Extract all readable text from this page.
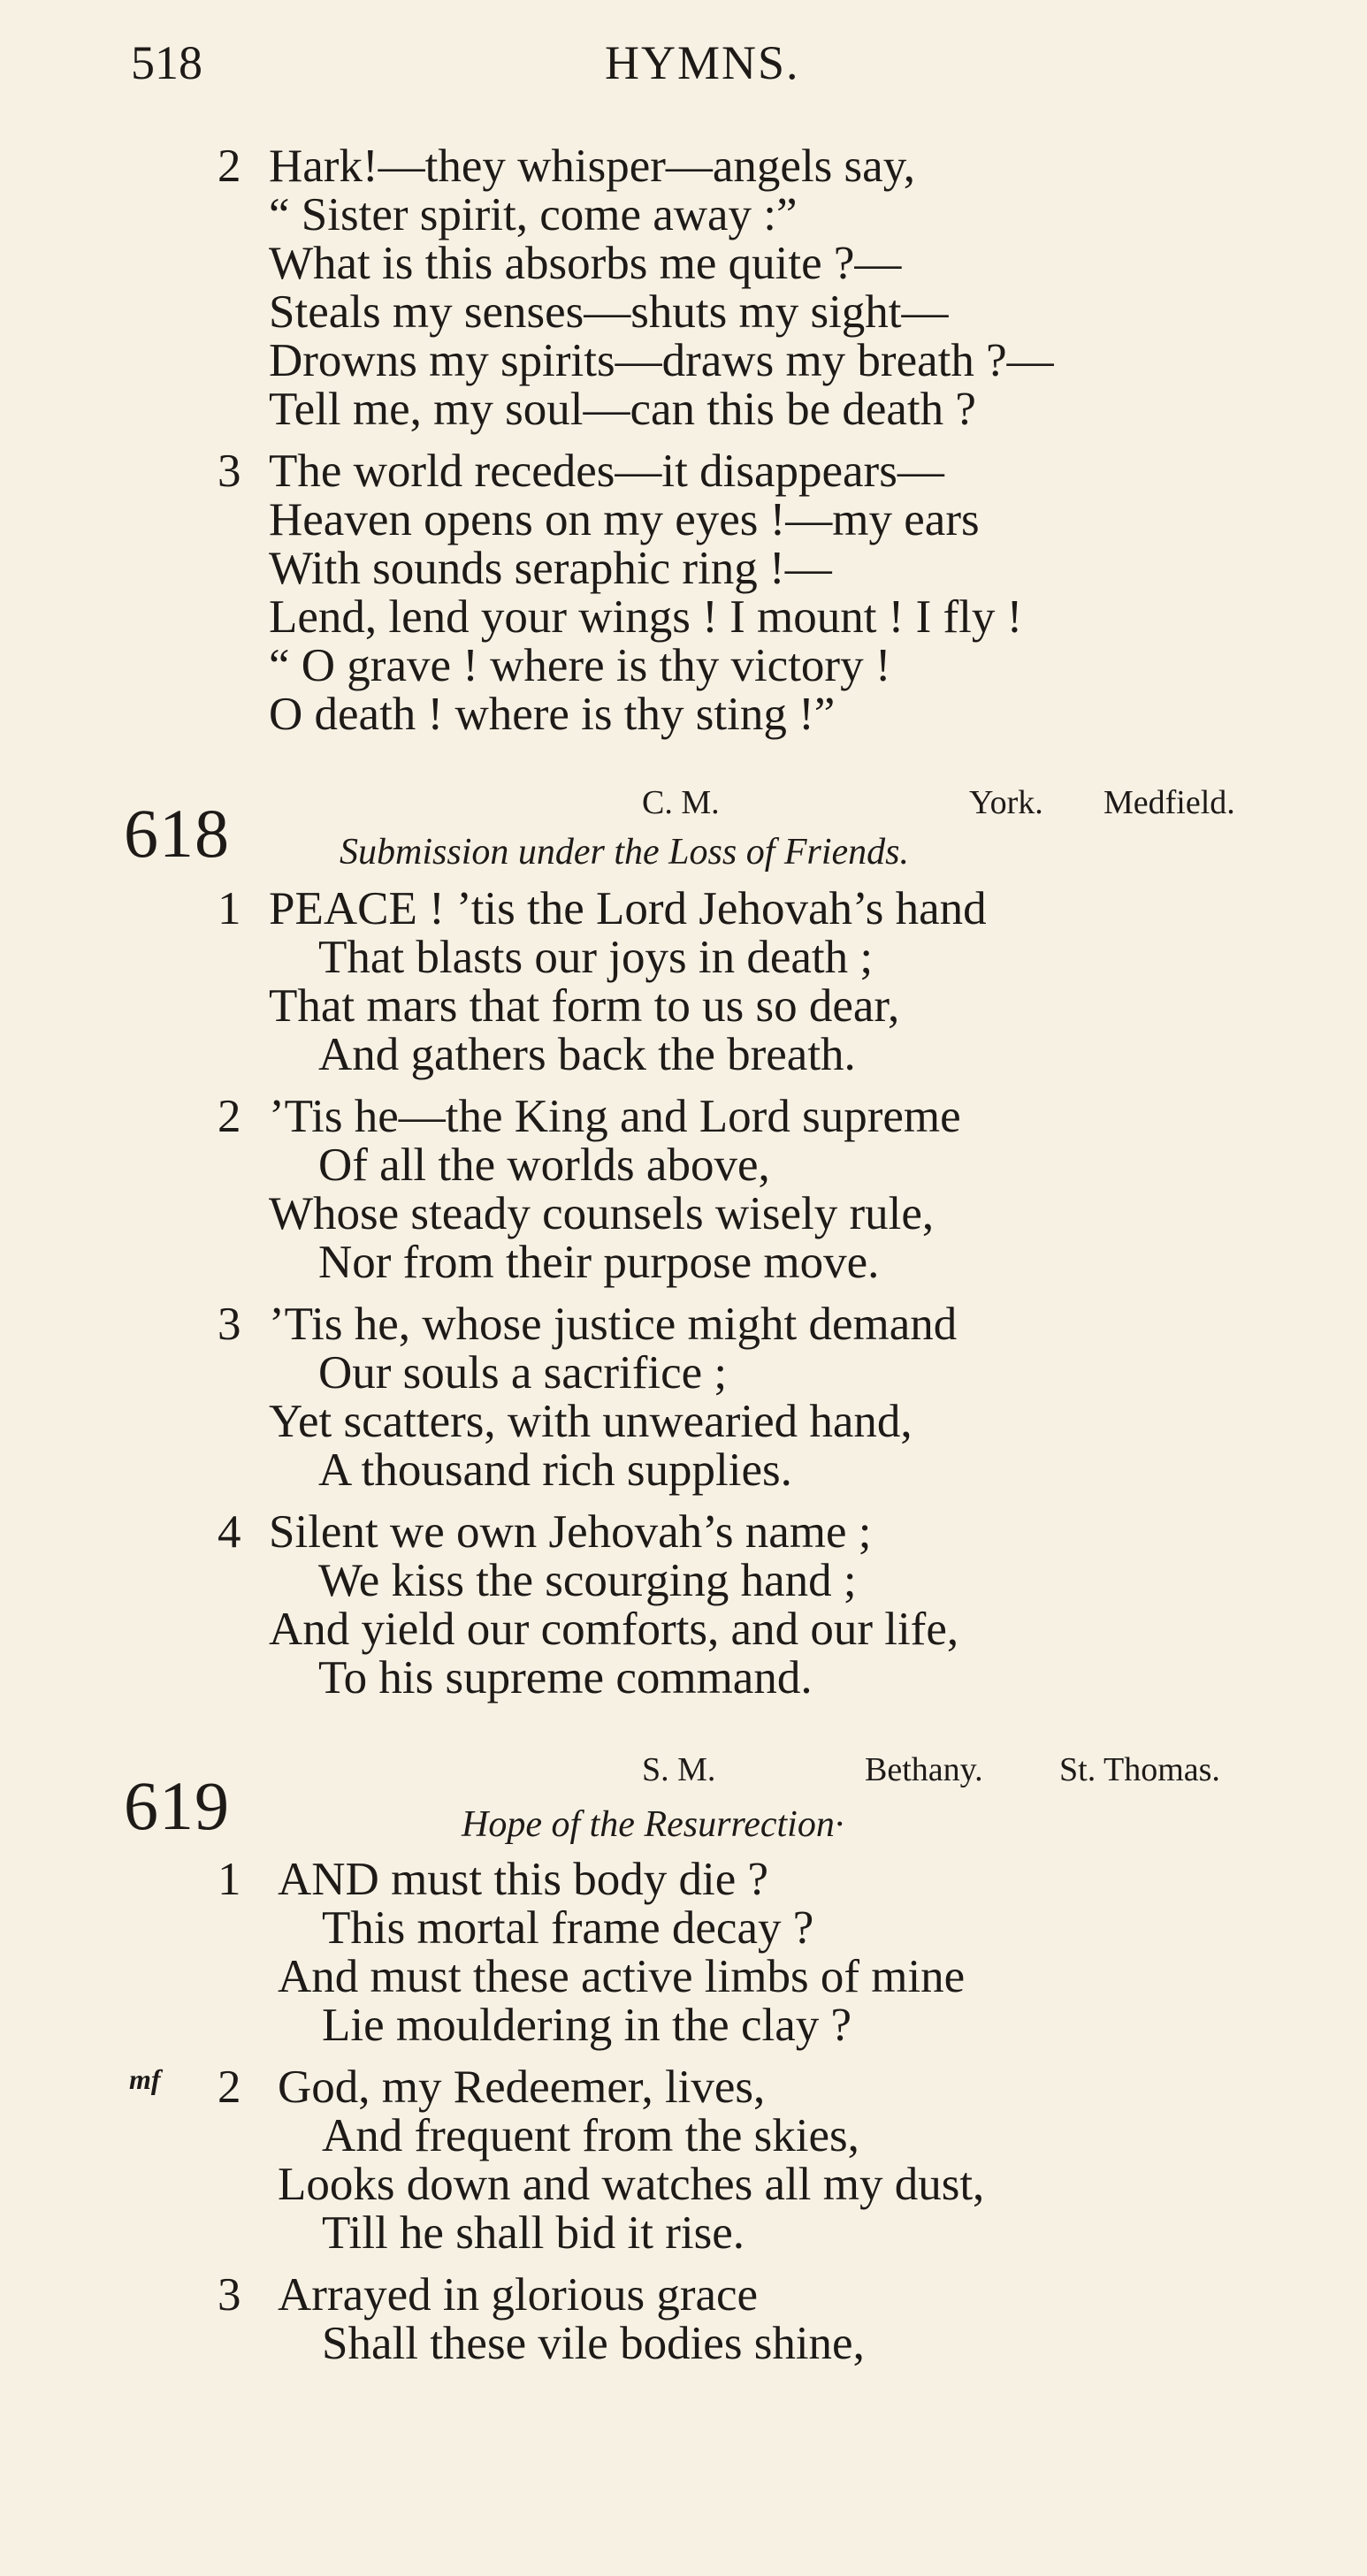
518	HYMNS.
2 Hark!—they whisper—angels say,
“ Sister spirit, come away :”
What is this absorbs me quite ?—
Steals my senses—shuts my sight—
Drowns my spirits—draws my breath ?—
Tell me, my soul—can this be death ?
3 The world recedes—it disappears—
Heaven opens on my eyes !—my ears
With sounds seraphic ring !—
Lend, lend your wings ! I mount ! I fly !
“ O grave ! where is thy victory !
O death ! where is thy sting !”
C. M.	York. Medfield.
618	Submission under the Loss of Friends.
1 PEACE ! ’tis the Lord Jehovah’s hand
That blasts our joys in death ;
That mars that form to us so dear,
And gathers back the breath.
2 ’Tis he—the King and Lord supreme
Of all the worlds above,
Whose steady counsels wisely rule,
Nor from their purpose move.
3 ’Tis he, whose justice might demand
Our souls a sacrifice ;
Yet scatters, with unwearied hand,
A thousand rich supplies.
4 Silent we own Jehovah’s name ;
We kiss the scourging hand ;
And yield our comforts, and our life,
To his supreme command.
S. M.	Bethany. St. Thomas.
619	Hope of the Resurrection·
1 AND must this body die ?
This mortal frame decay ?
And must these active limbs of mine
Lie mouldering in the clay ?
mf 2 God, my Redeemer, lives,
And frequent from the skies,
Looks down and watches all my dust,
Till he shall bid it rise.
3 Arrayed in glorious grace
Shall these vile bodies shine,
